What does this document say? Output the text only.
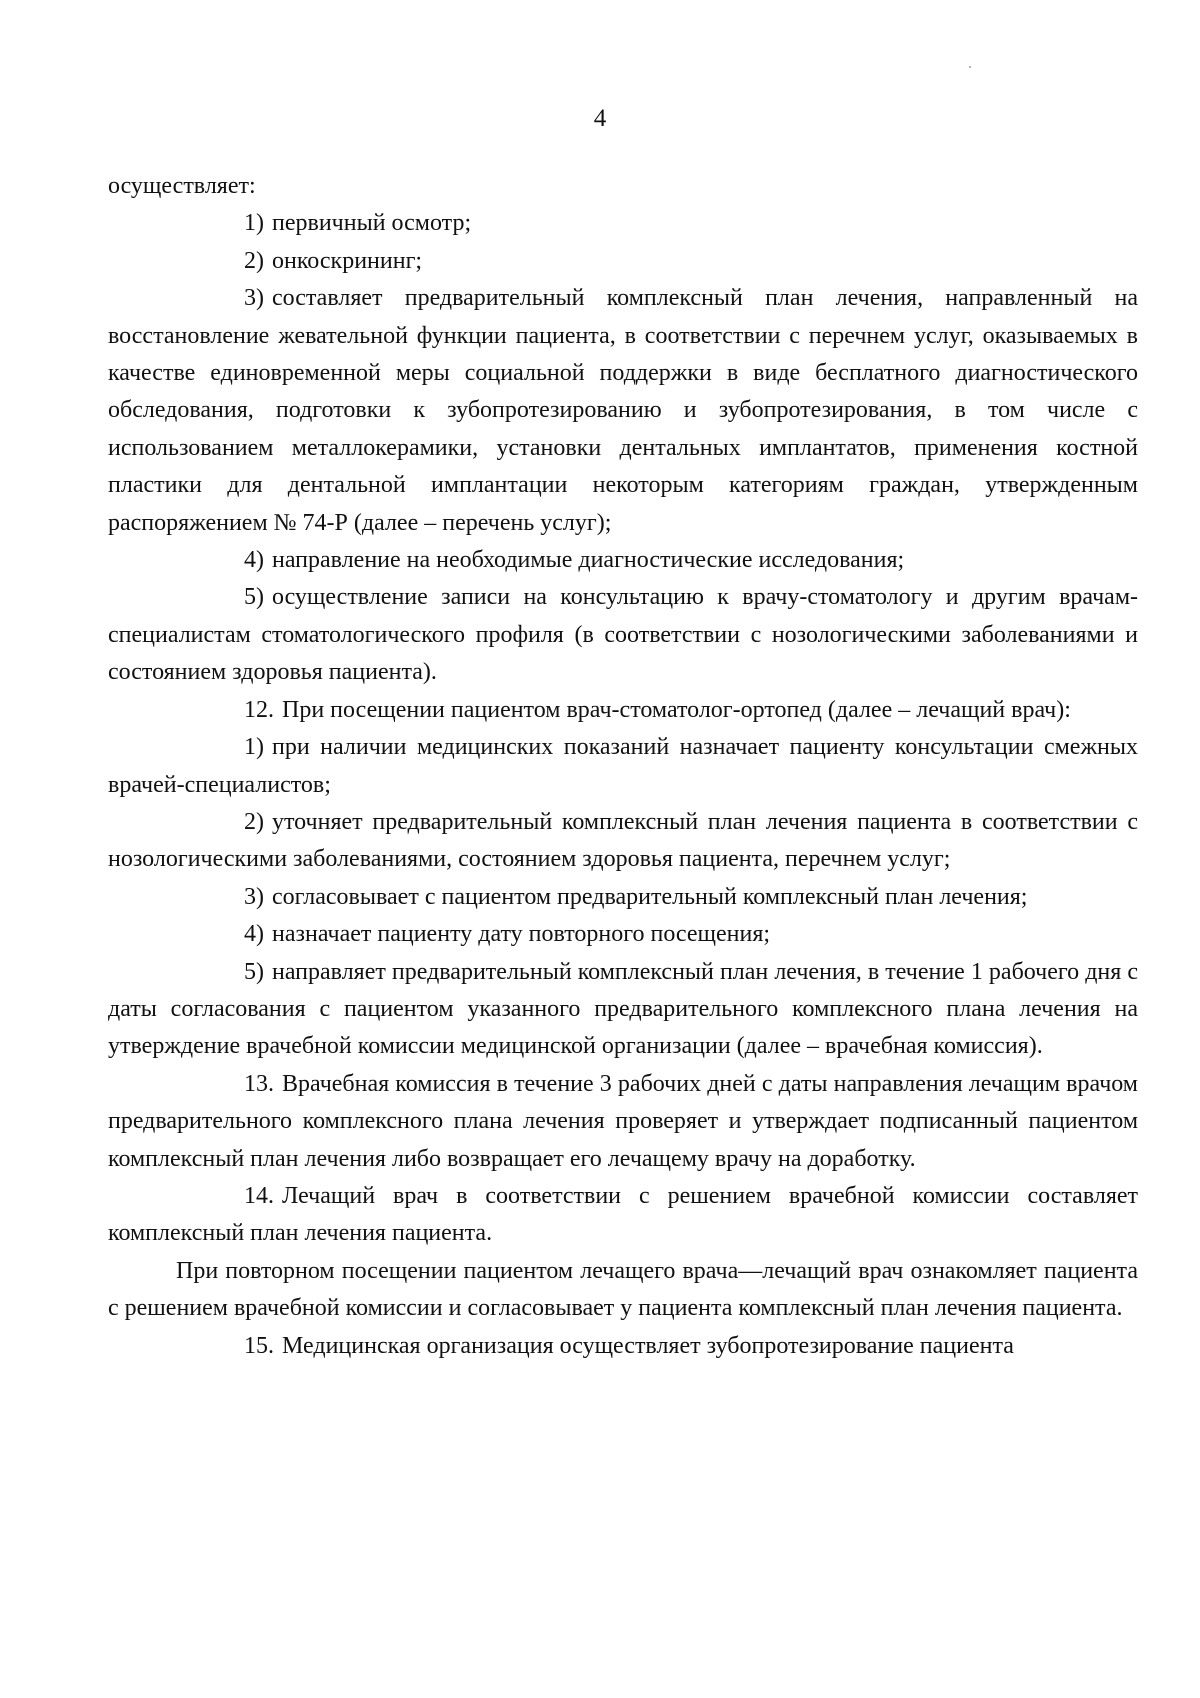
4

осуществляет:

1) первичный осмотр;

2) онкоскрининг;

3) составляет предварительный комплексный план лечения, направленный на восстановление жевательной функции пациента, в соответствии с перечнем услуг, оказываемых в качестве единовременной меры социальной поддержки в виде бесплатного диагностического обследования, подготовки к зубопротезированию и зубопротезирования, в том числе с использованием металлокерамики, установки дентальных имплантатов, применения костной пластики для дентальной имплантации некоторым категориям граждан, утвержденным распоряжением № 74-Р (далее – перечень услуг);

4) направление на необходимые диагностические исследования;

5) осуществление записи на консультацию к врачу-стоматологу и другим врачам-специалистам стоматологического профиля (в соответствии с нозологическими заболеваниями и состоянием здоровья пациента).

12. При посещении пациентом врач-стоматолог-ортопед (далее – лечащий врач):

1) при наличии медицинских показаний назначает пациенту консультации смежных врачей-специалистов;

2) уточняет предварительный комплексный план лечения пациента в соответствии с нозологическими заболеваниями, состоянием здоровья пациента, перечнем услуг;

3) согласовывает с пациентом предварительный комплексный план лечения;

4) назначает пациенту дату повторного посещения;

5) направляет предварительный комплексный план лечения, в течение 1 рабочего дня с даты согласования с пациентом указанного предварительного комплексного плана лечения на утверждение врачебной комиссии медицинской организации (далее – врачебная комиссия).

13. Врачебная комиссия в течение 3 рабочих дней с даты направления лечащим врачом предварительного комплексного плана лечения проверяет и утверждает подписанный пациентом комплексный план лечения либо возвращает его лечащему врачу на доработку.

14. Лечащий врач в соответствии с решением врачебной комиссии составляет комплексный план лечения пациента.

При повторном посещении пациентом лечащего врача—лечащий врач ознакомляет пациента с решением врачебной комиссии и согласовывает у пациента комплексный план лечения пациента.

15. Медицинская организация осуществляет зубопротезирование пациента
